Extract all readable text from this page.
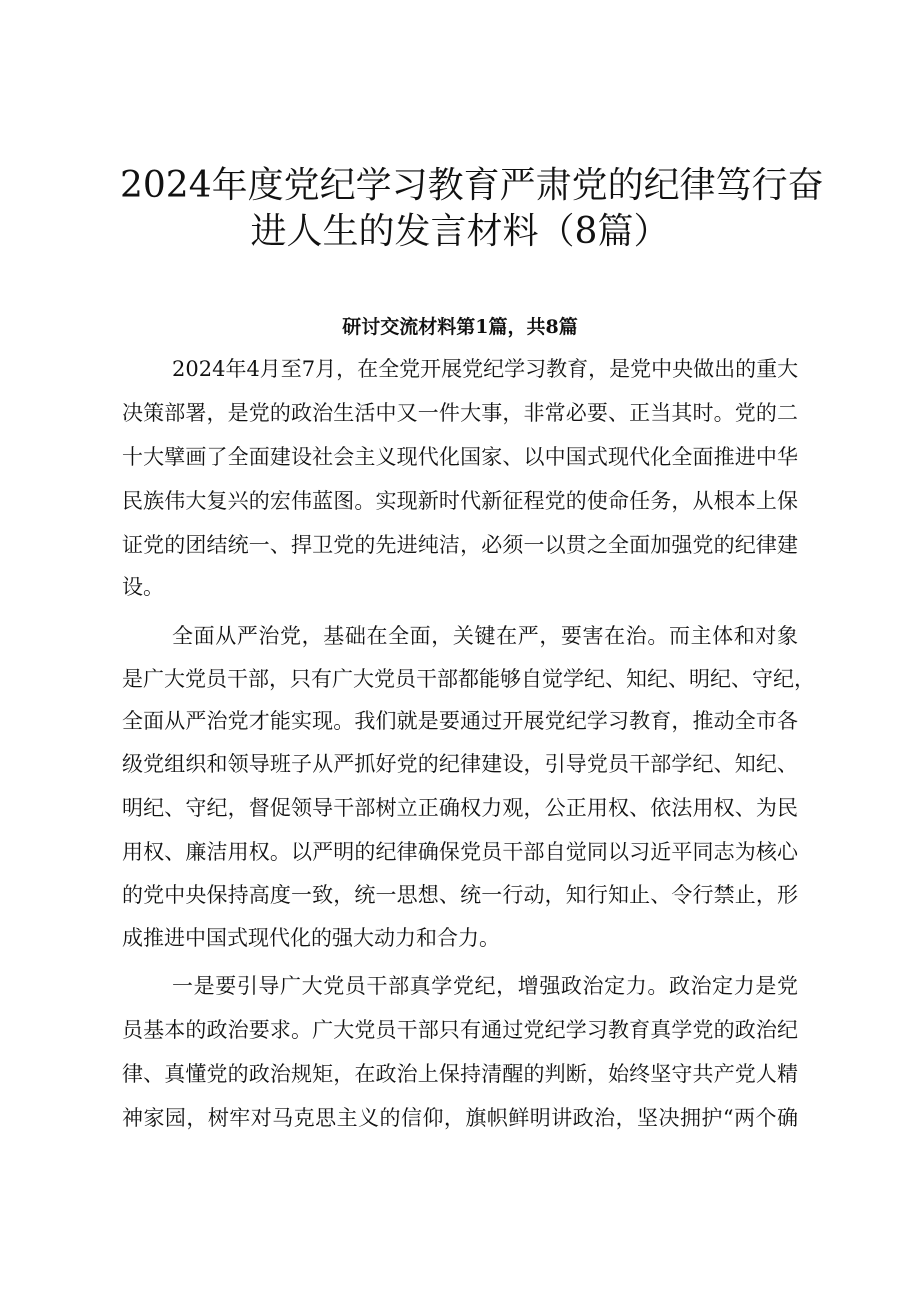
2024年度党纪学习教育严肃党的纪律笃行奋
进人生的发言材料（8篇）
研讨交流材料第1篇，共8篇
2024年4月至7月，在全党开展党纪学习教育，是党中央做出的重大
决策部署，是党的政治生活中又一件大事，非常必要、正当其时。党的二
十大擘画了全面建设社会主义现代化国家、以中国式现代化全面推进中华
民族伟大复兴的宏伟蓝图。实现新时代新征程党的使命任务，从根本上保
证党的团结统一、捍卫党的先进纯洁，必须一以贯之全面加强党的纪律建
设。
全面从严治党，基础在全面，关键在严，要害在治。而主体和对象
是广大党员干部，只有广大党员干部都能够自觉学纪、知纪、明纪、守纪，
全面从严治党才能实现。我们就是要通过开展党纪学习教育，推动全市各
级党组织和领导班子从严抓好党的纪律建设，引导党员干部学纪、知纪、
明纪、守纪，督促领导干部树立正确权力观，公正用权、依法用权、为民
用权、廉洁用权。以严明的纪律确保党员干部自觉同以习近平同志为核心
的党中央保持高度一致，统一思想、统一行动，知行知止、令行禁止，形
成推进中国式现代化的强大动力和合力。
一是要引导广大党员干部真学党纪，增强政治定力。政治定力是党
员基本的政治要求。广大党员干部只有通过党纪学习教育真学党的政治纪
律、真懂党的政治规矩，在政治上保持清醒的判断，始终坚守共产党人精
神家园，树牢对马克思主义的信仰，旗帜鲜明讲政治，坚决拥护“两个确
